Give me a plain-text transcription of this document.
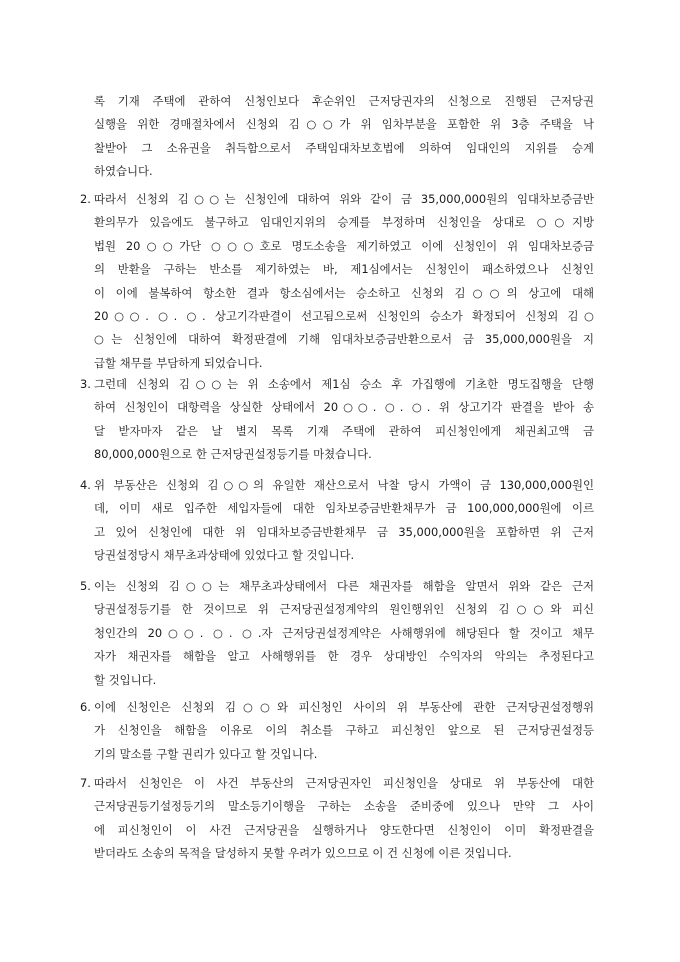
록 기재 주택에 관하여 신청인보다 후순위인 근저당권자의 신청으로 진행된 근저당권
실행을 위한 경매절차에서 신청외 김○○가 위 임차부분을 포함한 위 3층 주택을 낙
찰받아 그 소유권을 취득함으로서 주택임대차보호법에 의하여 임대인의 지위를 승계
하였습니다.
2. 따라서 신청외 김○○는 신청인에 대하여 위와 같이 금 35,000,000원의 임대차보증금반
환의무가 있음에도 불구하고 임대인지위의 승계를 부정하며 신청인을 상대로 ○○지방
법원 20○○가단 ○○○호로 명도소송을 제기하였고 이에 신청인이 위 임대차보증금
의 반환을 구하는 반소를 제기하였는 바, 제1심에서는 신청인이 패소하였으나 신청인
이 이에 불복하여 항소한 결과 항소심에서는 승소하고 신청외 김○○의 상고에 대해
20○○. ○. ○. 상고기각판결이 선고됨으로써 신청인의 승소가 확정되어 신청외 김○
○는 신청인에 대하여 확정판결에 기해 임대차보증금반환으로서 금 35,000,000원을 지
급할 채무를 부담하게 되었습니다.
3. 그런데 신청외 김○○는 위 소송에서 제1심 승소 후 가집행에 기초한 명도집행을 단행
하여 신청인이 대항력을 상실한 상태에서 20○○. ○. ○. 위 상고기각 판결을 받아 송
달 받자마자 같은 날 별지 목록 기재 주택에 관하여 피신청인에게 채권최고액 금
80,000,000원으로 한 근저당권설정등기를 마쳤습니다.
4. 위 부동산은 신청외 김○○의 유일한 재산으로서 낙찰 당시 가액이 금 130,000,000원인
데, 이미 새로 입주한 세입자들에 대한 임차보증금반환채무가 금 100,000,000원에 이르
고 있어 신청인에 대한 위 임대차보증금반환채무 금 35,000,000원을 포함하면 위 근저
당권설정당시 채무초과상태에 있었다고 할 것입니다.
5. 이는 신청외 김○○는 채무초과상태에서 다른 채권자를 해함을 알면서 위와 같은 근저
당권설정등기를 한 것이므로 위 근저당권설정계약의 원인행위인 신청외 김○○와 피신
청인간의 20○○. ○. ○.자 근저당권설정계약은 사해행위에 해당된다 할 것이고 채무
자가 채권자를 해함을 알고 사해행위를 한 경우 상대방인 수익자의 악의는 추정된다고
할 것입니다.
6. 이에 신청인은 신청외 김○○와 피신청인 사이의 위 부동산에 관한 근저당권설정행위
가 신청인을 해함을 이유로 이의 취소를 구하고 피신청인 앞으로 된 근저당권설정등
기의 말소를 구할 권리가 있다고 할 것입니다.
7. 따라서 신청인은 이 사건 부동산의 근저당권자인 피신청인을 상대로 위 부동산에 대한
근저당권등기설정등기의 말소등기이행을 구하는 소송을 준비중에 있으나 만약 그 사이
에 피신청인이 이 사건 근저당권을 실행하거나 양도한다면 신청인이 이미 확정판결을
받더라도 소송의 목적을 달성하지 못할 우려가 있으므로 이 건 신청에 이른 것입니다.
